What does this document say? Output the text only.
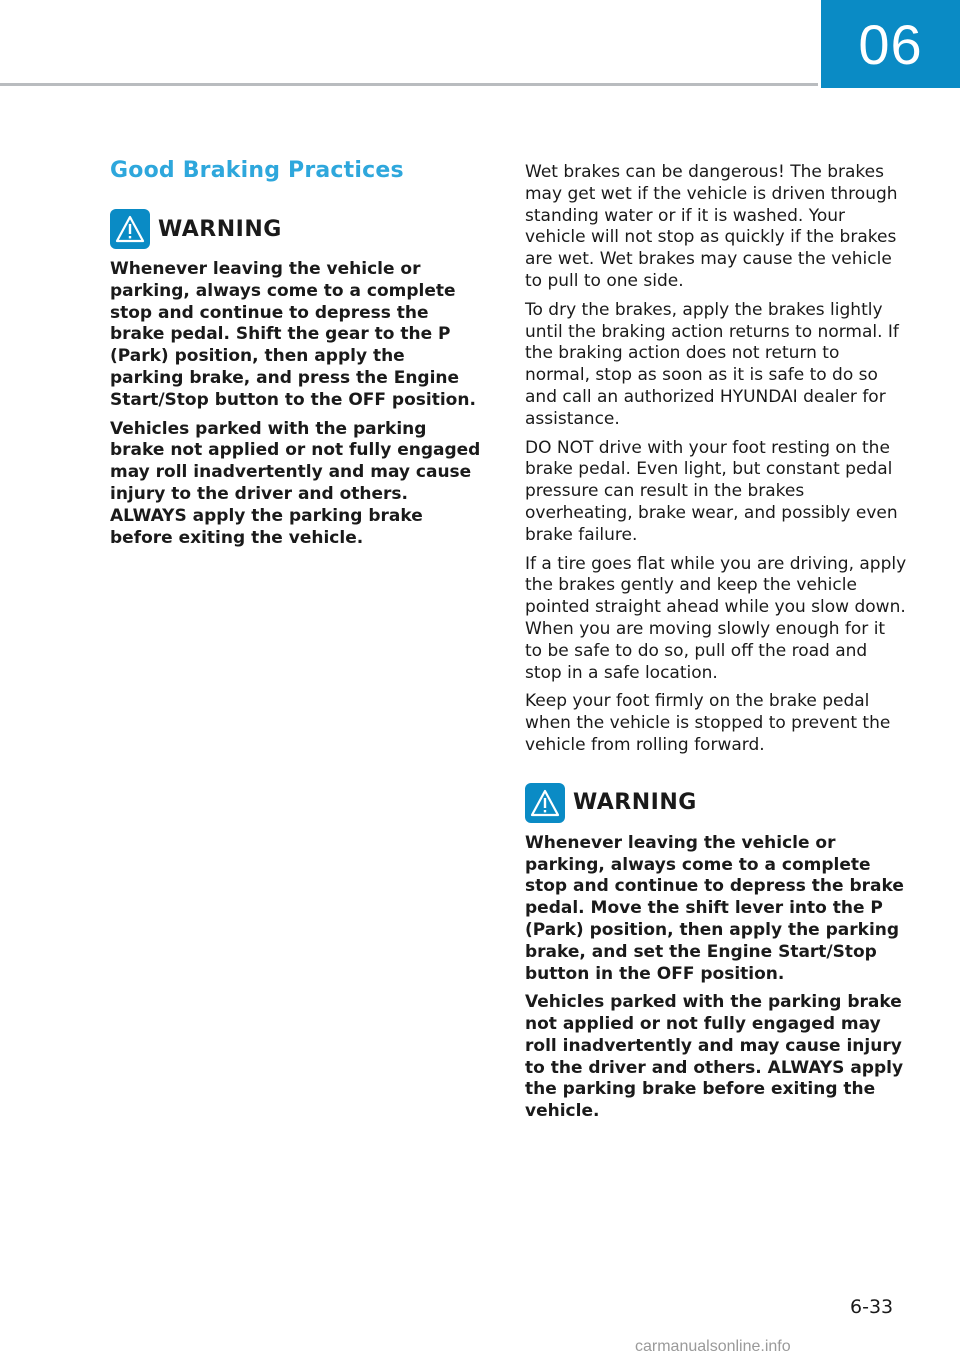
06
Good Braking Practices
WARNING

Whenever leaving the vehicle or parking, always come to a complete stop and continue to depress the brake pedal. Shift the gear to the P (Park) position, then apply the parking brake, and press the Engine Start/Stop button to the OFF position.

Vehicles parked with the parking brake not applied or not fully engaged may roll inadvertently and may cause injury to the driver and others. ALWAYS apply the parking brake before exiting the vehicle.

Wet brakes can be dangerous! The brakes may get wet if the vehicle is driven through standing water or if it is washed. Your vehicle will not stop as quickly if the brakes are wet. Wet brakes may cause the vehicle to pull to one side.

To dry the brakes, apply the brakes lightly until the braking action returns to normal. If the braking action does not return to normal, stop as soon as it is safe to do so and call an authorized HYUNDAI dealer for assistance.

DO NOT drive with your foot resting on the brake pedal. Even light, but constant pedal pressure can result in the brakes overheating, brake wear, and possibly even brake failure.

If a tire goes flat while you are driving, apply the brakes gently and keep the vehicle pointed straight ahead while you slow down. When you are moving slowly enough for it to be safe to do so, pull off the road and stop in a safe location.

Keep your foot firmly on the brake pedal when the vehicle is stopped to prevent the vehicle from rolling forward.

WARNING

Whenever leaving the vehicle or parking, always come to a complete stop and continue to depress the brake pedal. Move the shift lever into the P (Park) position, then apply the parking brake, and set the Engine Start/Stop button in the OFF position.

Vehicles parked with the parking brake not applied or not fully engaged may roll inadvertently and may cause injury to the driver and others. ALWAYS apply the parking brake before exiting the vehicle.

6-33
carmanualsonline.info
